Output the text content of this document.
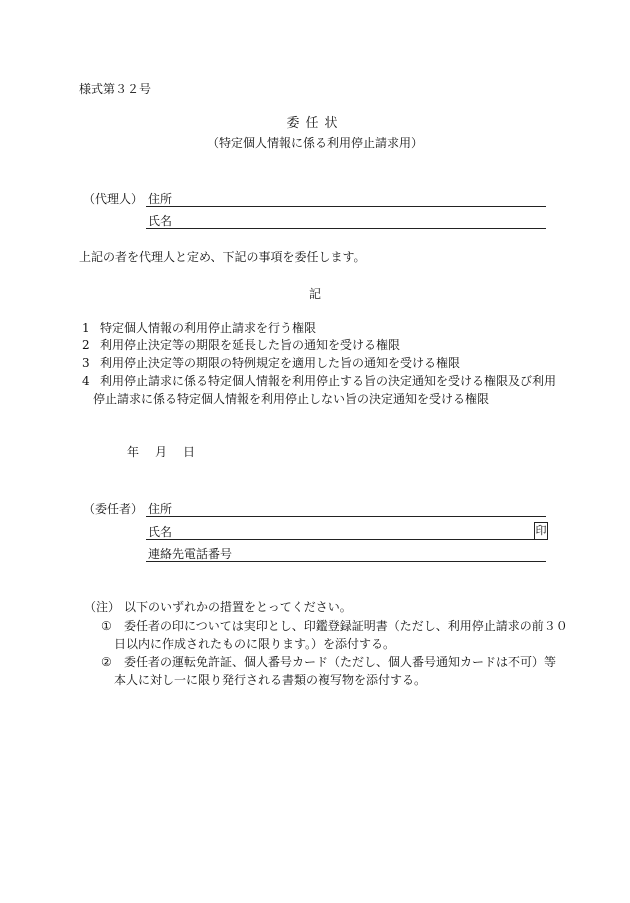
様式第３２号
委任状
（特定個人情報に係る利用停止請求用）
（代理人） 住所
氏名
上記の者を代理人と定め、下記の事項を委任します。
記
1 特定個人情報の利用停止請求を行う権限
2 利用停止決定等の期限を延長した旨の通知を受ける権限
3 利用停止決定等の期限の特例規定を適用した旨の通知を受ける権限
4 利用停止請求に係る特定個人情報を利用停止する旨の決定通知を受ける権限及び利用
停止請求に係る特定個人情報を利用停止しない旨の決定通知を受ける権限
年　月　日
（委任者） 住所
氏名	印
連絡先電話番号
（注） 以下のいずれかの措置をとってください。
① 委任者の印については実印とし、印鑑登録証明書（ただし、利用停止請求の前３０
日以内に作成されたものに限ります。）を添付する。
② 委任者の運転免許証、個人番号カード（ただし、個人番号通知カードは不可）等
本人に対し一に限り発行される書類の複写物を添付する。
